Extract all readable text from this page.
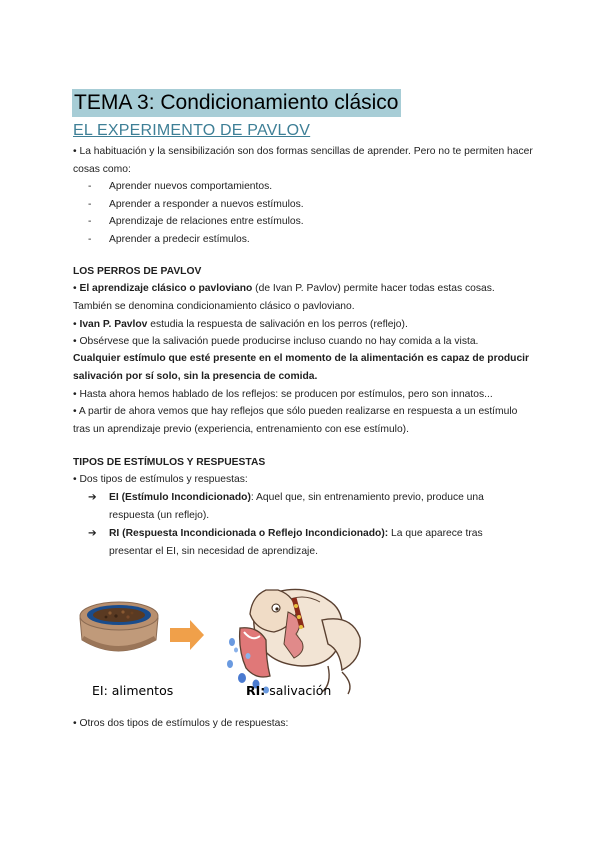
TEMA 3: Condicionamiento clásico
EL EXPERIMENTO DE PAVLOV

• La habituación y la sensibilización son dos formas sencillas de aprender. Pero no te permiten hacer cosas como:

- Aprender nuevos comportamientos.
- Aprender a responder a nuevos estímulos.
- Aprendizaje de relaciones entre estímulos.
- Aprender a predecir estímulos.

LOS PERROS DE PAVLOV

• El aprendizaje clásico o pavloviano (de Ivan P. Pavlov) permite hacer todas estas cosas. También se denomina condicionamiento clásico o pavloviano.

• Ivan P. Pavlov estudia la respuesta de salivación en los perros (reflejo).

• Obsérvese que la salivación puede producirse incluso cuando no hay comida a la vista.

Cualquier estímulo que esté presente en el momento de la alimentación es capaz de producir salivación por sí solo, sin la presencia de comida.

• Hasta ahora hemos hablado de los reflejos: se producen por estímulos, pero son innatos...

• A partir de ahora vemos que hay reflejos que sólo pueden realizarse en respuesta a un estímulo tras un aprendizaje previo (experiencia, entrenamiento con ese estímulo).

TIPOS DE ESTÍMULOS Y RESPUESTAS

• Dos tipos de estímulos y respuestas:

➔	EI (Estímulo Incondicionado): Aquel que, sin entrenamiento previo, produce una respuesta (un reflejo).
➔	RI (Respuesta Incondicionada o Reflejo Incondicionado): La que aparece tras presentar el EI, sin necesidad de aprendizaje.
EI: alimentos	RI: salivación

• Otros dos tipos de estímulos y de respuestas:
